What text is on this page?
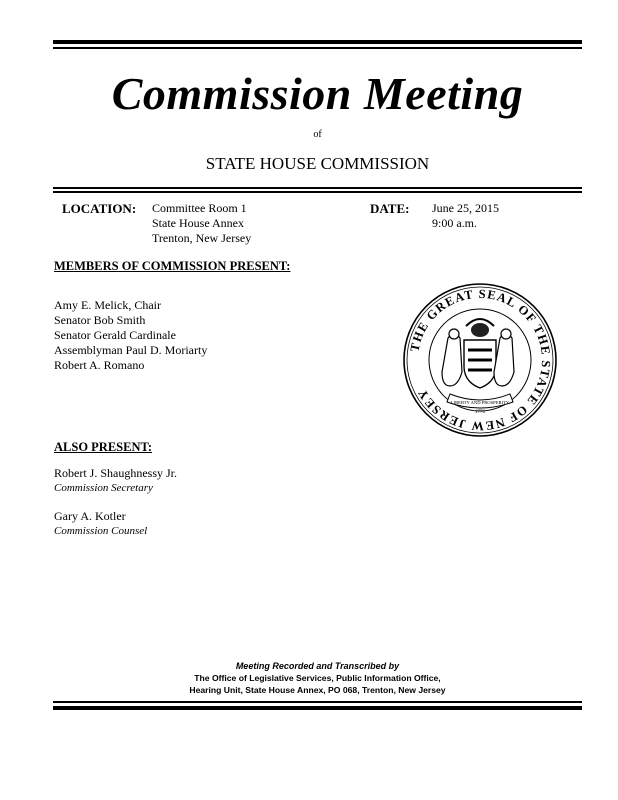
Commission Meeting
of
STATE HOUSE COMMISSION
LOCATION: Committee Room 1
State House Annex
Trenton, New Jersey
DATE: June 25, 2015
9:00 a.m.
MEMBERS OF COMMISSION PRESENT:
Amy E. Melick, Chair
Senator Bob Smith
Senator Gerald Cardinale
Assemblyman Paul D. Moriarty
Robert A. Romano
THE GREAT SEAL OF THE STATE OF NEW JERSEY
LIBERTY AND PROSPERITY
1776
ALSO PRESENT:
Robert J. Shaughnessy Jr.
Commission Secretary
Gary A. Kotler
Commission Counsel
Meeting Recorded and Transcribed by
The Office of Legislative Services, Public Information Office,
Hearing Unit, State House Annex, PO 068, Trenton, New Jersey
